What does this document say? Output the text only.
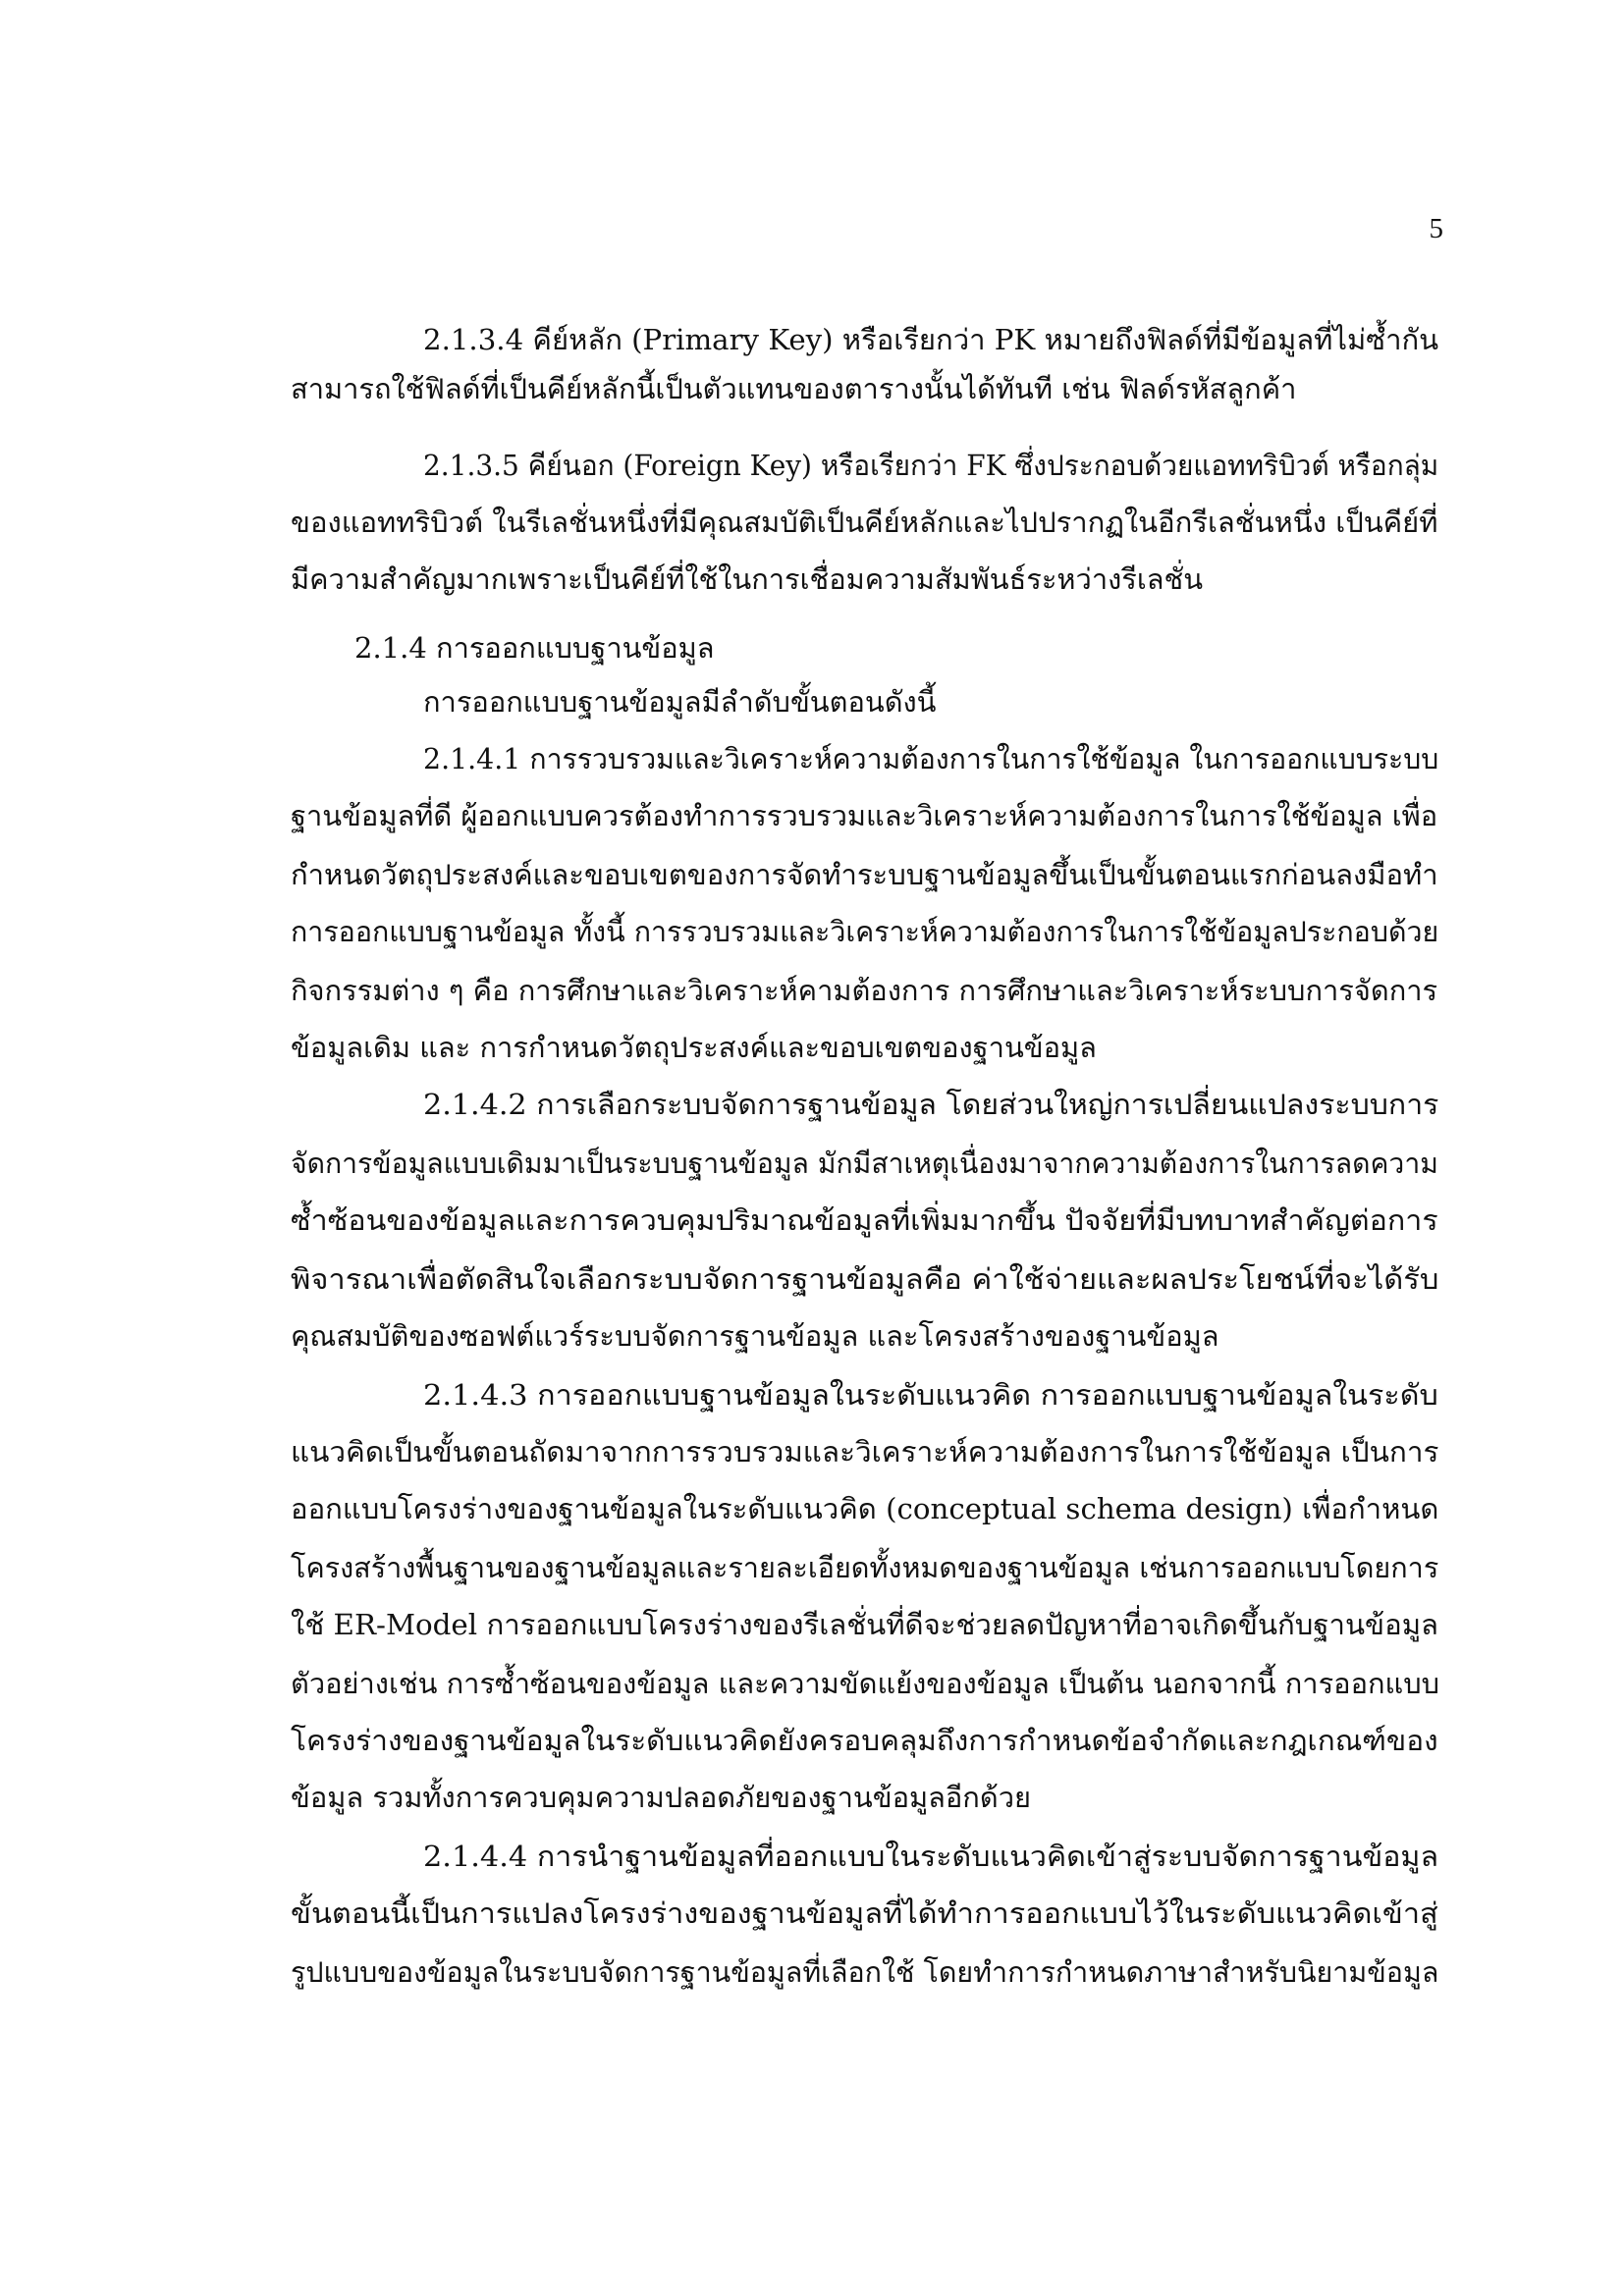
5
2.1.3.4 คีย์หลัก (Primary Key) หรือเรียกว่า PK หมายถึงฟิลด์ที่มีข้อมูลที่ไม่ซ้ำกัน
สามารถใช้ฟิลด์ที่เป็นคีย์หลักนี้เป็นตัวแทนของตารางนั้นได้ทันที เช่น ฟิลด์รหัสลูกค้า
2.1.3.5 คีย์นอก (Foreign Key) หรือเรียกว่า FK ซึ่งประกอบด้วยแอททริบิวต์ หรือกลุ่ม
ของแอททริบิวต์ ในรีเลชั่นหนึ่งที่มีคุณสมบัติเป็นคีย์หลักและไปปรากฏในอีกรีเลชั่นหนึ่ง เป็นคีย์ที่
มีความสำคัญมากเพราะเป็นคีย์ที่ใช้ในการเชื่อมความสัมพันธ์ระหว่างรีเลชั่น
2.1.4 การออกแบบฐานข้อมูล
การออกแบบฐานข้อมูลมีลำดับขั้นตอนดังนี้
2.1.4.1 การรวบรวมและวิเคราะห์ความต้องการในการใช้ข้อมูล ในการออกแบบระบบ
ฐานข้อมูลที่ดี ผู้ออกแบบควรต้องทำการรวบรวมและวิเคราะห์ความต้องการในการใช้ข้อมูล เพื่อ
กำหนดวัตถุประสงค์และขอบเขตของการจัดทำระบบฐานข้อมูลขึ้นเป็นขั้นตอนแรกก่อนลงมือทำ
การออกแบบฐานข้อมูล ทั้งนี้ การรวบรวมและวิเคราะห์ความต้องการในการใช้ข้อมูลประกอบด้วย
กิจกรรมต่าง ๆ คือ การศึกษาและวิเคราะห์คามต้องการ การศึกษาและวิเคราะห์ระบบการจัดการ
ข้อมูลเดิม และ การกำหนดวัตถุประสงค์และขอบเขตของฐานข้อมูล
2.1.4.2 การเลือกระบบจัดการฐานข้อมูล โดยส่วนใหญ่การเปลี่ยนแปลงระบบการ
จัดการข้อมูลแบบเดิมมาเป็นระบบฐานข้อมูล มักมีสาเหตุเนื่องมาจากความต้องการในการลดความ
ซ้ำซ้อนของข้อมูลและการควบคุมปริมาณข้อมูลที่เพิ่มมากขึ้น ปัจจัยที่มีบทบาทสำคัญต่อการ
พิจารณาเพื่อตัดสินใจเลือกระบบจัดการฐานข้อมูลคือ ค่าใช้จ่ายและผลประโยชน์ที่จะได้รับ
คุณสมบัติของซอฟต์แวร์ระบบจัดการฐานข้อมูล และโครงสร้างของฐานข้อมูล
2.1.4.3 การออกแบบฐานข้อมูลในระดับแนวคิด การออกแบบฐานข้อมูลในระดับ
แนวคิดเป็นขั้นตอนถัดมาจากการรวบรวมและวิเคราะห์ความต้องการในการใช้ข้อมูล เป็นการ
ออกแบบโครงร่างของฐานข้อมูลในระดับแนวคิด (conceptual schema design) เพื่อกำหนด
โครงสร้างพื้นฐานของฐานข้อมูลและรายละเอียดทั้งหมดของฐานข้อมูล เช่นการออกแบบโดยการ
ใช้ ER-Model การออกแบบโครงร่างของรีเลชั่นที่ดีจะช่วยลดปัญหาที่อาจเกิดขึ้นกับฐานข้อมูล
ตัวอย่างเช่น การซ้ำซ้อนของข้อมูล และความขัดแย้งของข้อมูล เป็นต้น นอกจากนี้ การออกแบบ
โครงร่างของฐานข้อมูลในระดับแนวคิดยังครอบคลุมถึงการกำหนดข้อจำกัดและกฎเกณฑ์ของ
ข้อมูล รวมทั้งการควบคุมความปลอดภัยของฐานข้อมูลอีกด้วย
2.1.4.4 การนำฐานข้อมูลที่ออกแบบในระดับแนวคิดเข้าสู่ระบบจัดการฐานข้อมูล
ขั้นตอนนี้เป็นการแปลงโครงร่างของฐานข้อมูลที่ได้ทำการออกแบบไว้ในระดับแนวคิดเข้าสู่
รูปแบบของข้อมูลในระบบจัดการฐานข้อมูลที่เลือกใช้ โดยทำการกำหนดภาษาสำหรับนิยามข้อมูล
